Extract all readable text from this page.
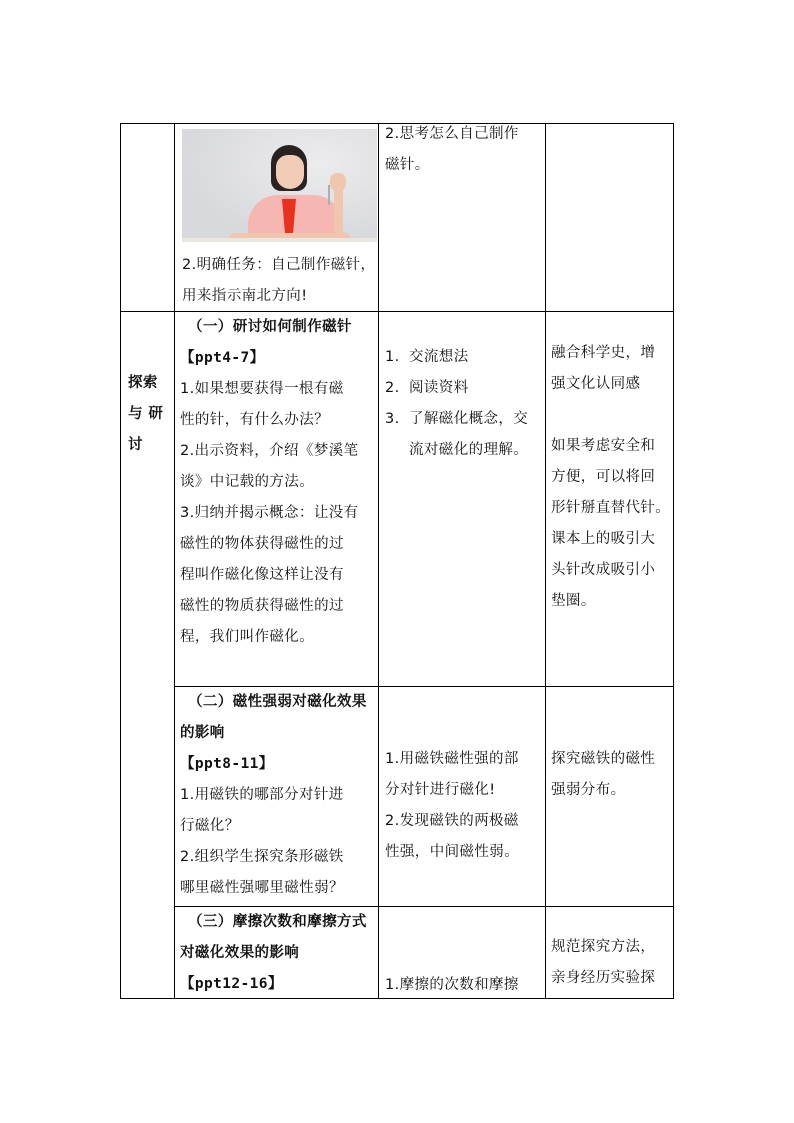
2.明确任务：自己制作磁针，

用来指示南北方向!

2.思考怎么自己制作

磁针。

探索

与 研

讨

（一）研讨如何制作磁针

【ppt4-7】

1.如果想要获得一根有磁

性的针，有什么办法？

2.出示资料，介绍《梦溪笔

谈》中记载的方法。

3.归纳并揭示概念：让没有

磁性的物体获得磁性的过

程叫作磁化像这样让没有

磁性的物质获得磁性的过

程，我们叫作磁化。

1. 交流想法

2. 阅读资料

3. 了解磁化概念，交

流对磁化的理解。

融合科学史，增

强文化认同感

如果考虑安全和

方便，可以将回

形针掰直替代针。

课本上的吸引大

头针改成吸引小

垫圈。

（二）磁性强弱对磁化效果

的影响

【ppt8-11】

1.用磁铁的哪部分对针进

行磁化？

2.组织学生探究条形磁铁

哪里磁性强哪里磁性弱？

1.用磁铁磁性强的部

分对针进行磁化!

2.发现磁铁的两极磁

性强，中间磁性弱。

探究磁铁的磁性

强弱分布。

（三）摩擦次数和摩擦方式

对磁化效果的影响

【ppt12-16】	1.摩擦的次数和摩擦

规范探究方法，

亲身经历实验探
